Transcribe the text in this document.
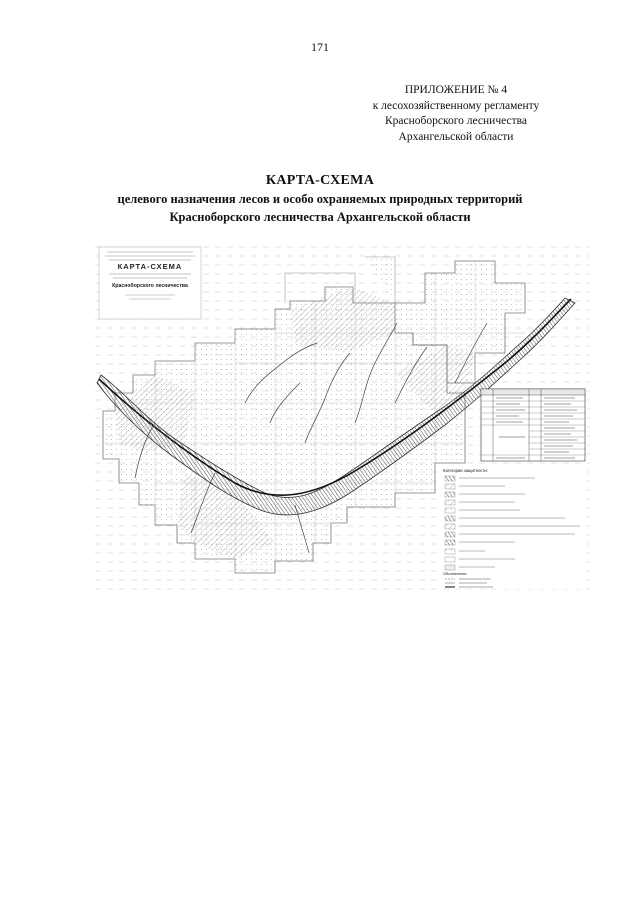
171
ПРИЛОЖЕНИЕ № 4
к лесохозяйственному регламенту
Красноборского лесничества
Архангельской области
КАРТА-СХЕМА
целевого назначения лесов и особо охраняемых природных территорий
Красноборского лесничества Архангельской области
КАРТА-СХЕМА
Красноборского лесничества
Категории защитности:
Обозначения
